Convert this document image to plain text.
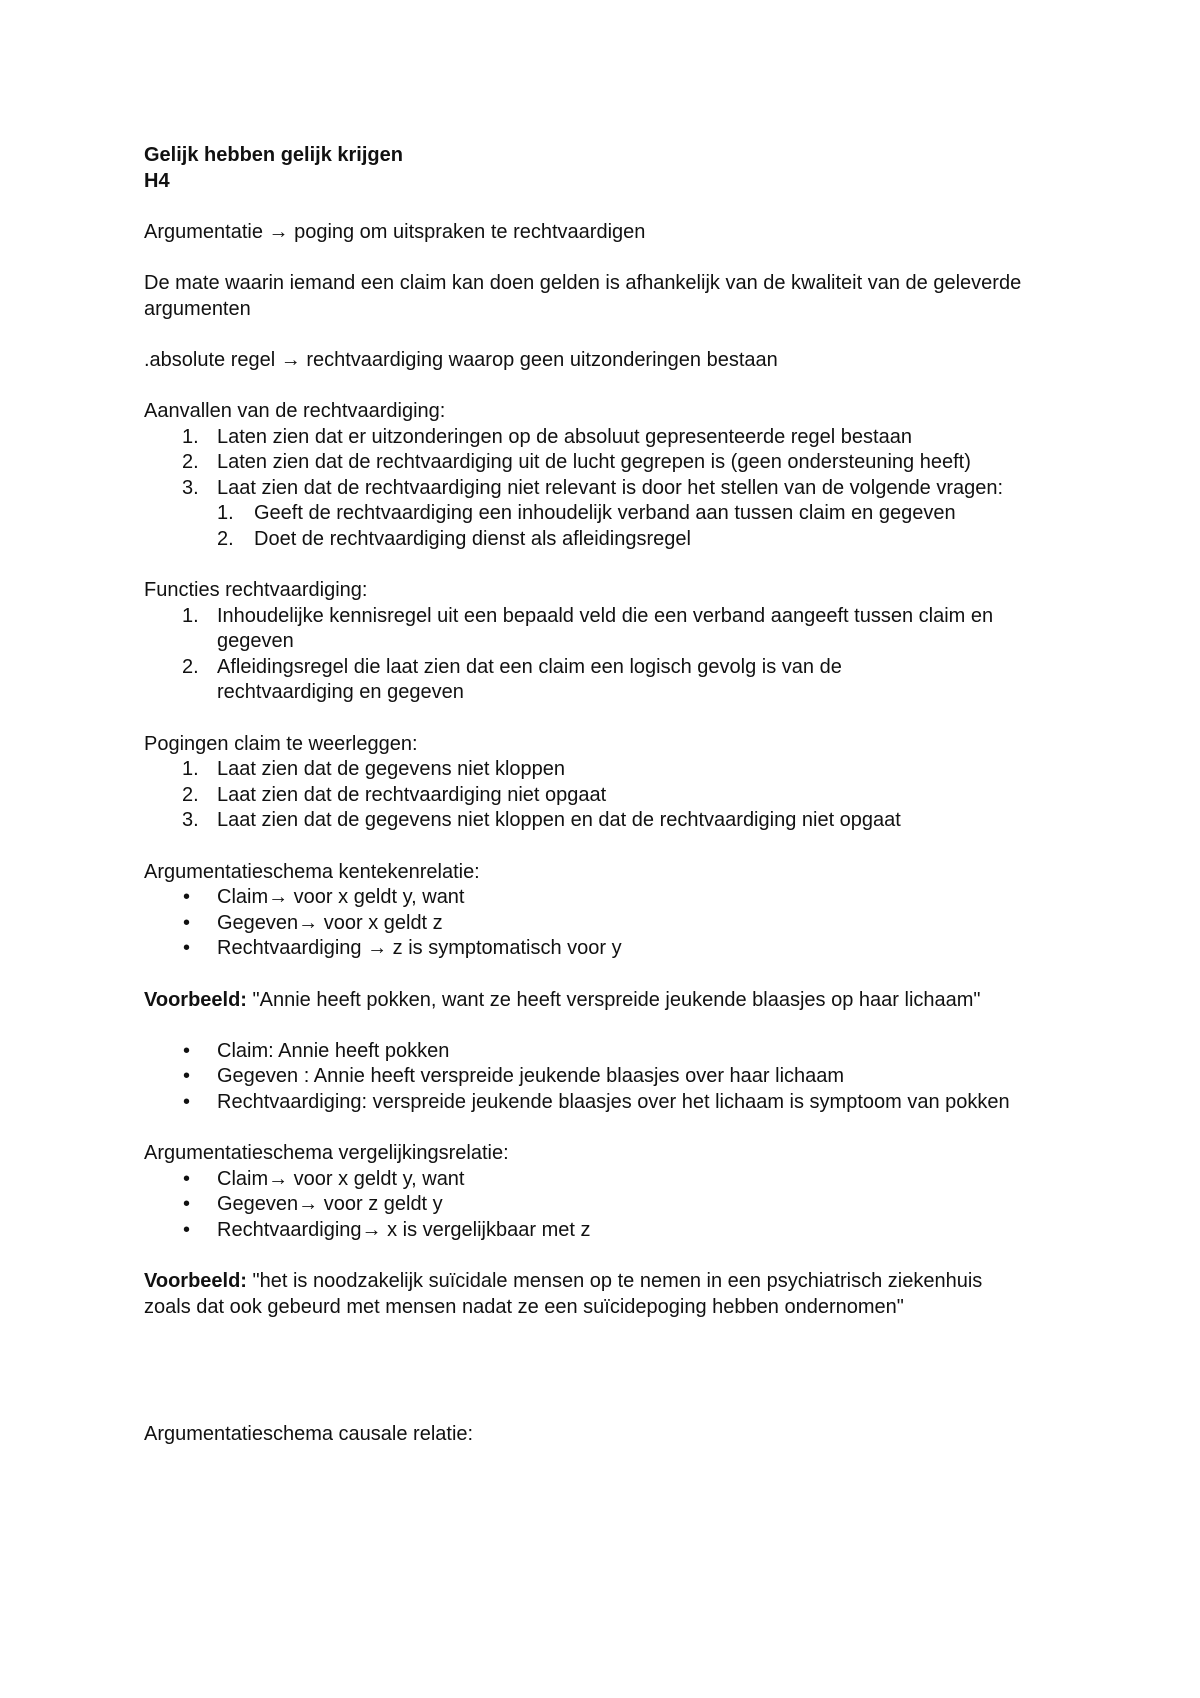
Gelijk hebben gelijk krijgen

H4

Argumentatie → poging om uitspraken te rechtvaardigen

De mate waarin iemand een claim kan doen gelden is afhankelijk van de kwaliteit van de geleverde argumenten

.absolute regel → rechtvaardiging waarop geen uitzonderingen bestaan

Aanvallen van de rechtvaardiging:

1. Laten zien dat er uitzonderingen op de absoluut gepresenteerde regel bestaan
2. Laten zien dat de rechtvaardiging uit de lucht gegrepen is (geen ondersteuning heeft)
3. Laat zien dat de rechtvaardiging niet relevant is door het stellen van de volgende vragen:
1. Geeft de rechtvaardiging een inhoudelijk verband aan tussen claim en gegeven
2. Doet de rechtvaardiging dienst als afleidingsregel

Functies rechtvaardiging:

1. Inhoudelijke kennisregel uit een bepaald veld die een verband aangeeft tussen claim en gegeven
2. Afleidingsregel die laat zien dat een claim een logisch gevolg is van de rechtvaardiging en gegeven

Pogingen claim te weerleggen:

1. Laat zien dat de gegevens niet kloppen
2. Laat zien dat de rechtvaardiging niet opgaat
3. Laat zien dat de gegevens niet kloppen en dat de rechtvaardiging niet opgaat

Argumentatieschema kentekenrelatie:

• Claim→ voor x geldt y, want
• Gegeven→ voor x geldt z
• Rechtvaardiging → z is symptomatisch voor y

Voorbeeld: "Annie heeft pokken, want ze heeft verspreide jeukende blaasjes op haar lichaam"

• Claim: Annie heeft pokken
• Gegeven : Annie heeft verspreide jeukende blaasjes over haar lichaam
• Rechtvaardiging: verspreide jeukende blaasjes over het lichaam is symptoom van pokken

Argumentatieschema vergelijkingsrelatie:

• Claim→ voor x geldt y, want
• Gegeven→ voor z geldt y
• Rechtvaardiging→ x is vergelijkbaar met z

Voorbeeld: "het is noodzakelijk suïcidale mensen op te nemen in een psychiatrisch ziekenhuis zoals dat ook gebeurd met mensen nadat ze een suïcidepoging hebben ondernomen"

Argumentatieschema causale relatie:
